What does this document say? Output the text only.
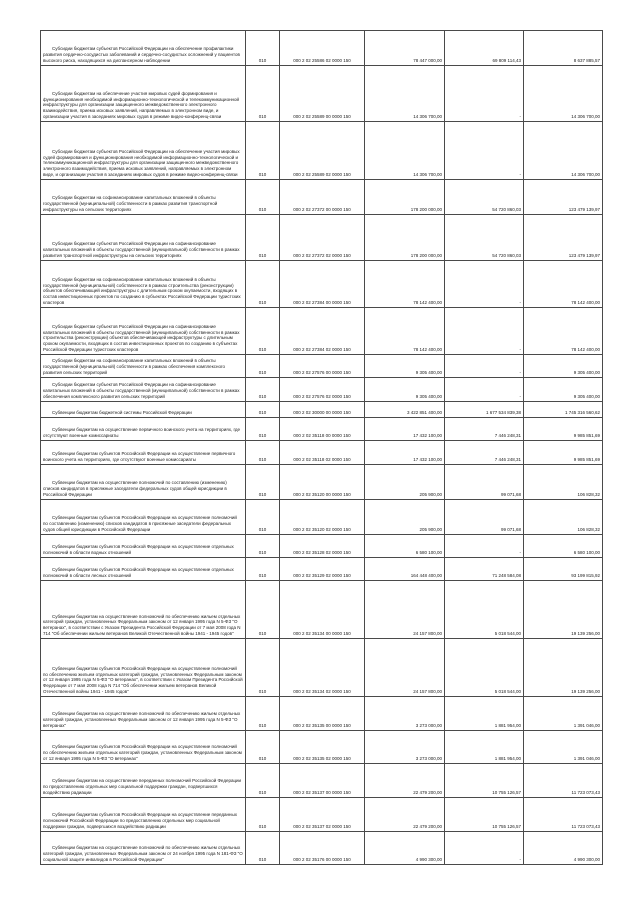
Субсидии бюджетам субъектов Российской Федерации на обеспечение профилактики развития сердечно-сосудистых заболеваний и сердечно-сосудистых осложнений у пациентов высокого риска, находящихся на диспансерном наблюдении	010	000 2 02 25586 02 0000 150	78 447 000,00	69 809 114,43	8 637 885,57
Субсидии бюджетам на обеспечение участия мировых судей формирования и функционирования необходимой информационно-технологической и телекоммуникационной инфраструктуры для организации защищенного межведомственного электронного взаимодействия, приема исковых заявлений, направляемых в электронном виде, и организации участия в заседаниях мировых судов в режиме видео-конференц-связи	010	000 2 02 25589 00 0000 150	14 306 700,00	-	14 306 700,00
Субсидии бюджетам субъектов Российской Федерации на обеспечение участия мировых судей формирования и функционирования необходимой информационно-технологической и телекоммуникационной инфраструктуры для организации защищенного межведомственного электронного взаимодействия, приема исковых заявлений, направляемых в электронном виде, и организации участия в заседаниях мировых судов в режиме видео-конференц-связи	010	000 2 02 25589 02 0000 150	14 306 700,00	-	14 306 700,00
Субсидии бюджетам на софинансирование капитальных вложений в объекты государственной (муниципальной) собственности в рамках развития транспортной инфраструктуры на сельских территориях	010	000 2 02 27372 00 0000 150	178 200 000,00	54 720 860,03	123 479 139,97
Субсидии бюджетам субъектов Российской Федерации на софинансирование капитальных вложений в объекты государственной (муниципальной) собственности в рамках развития транспортной инфраструктуры на сельских территориях	010	000 2 02 27372 02 0000 150	178 200 000,00	54 720 860,03	123 479 139,97
Субсидии бюджетам на софинансирование капитальных вложений в объекты государственной (муниципальной) собственности в рамках строительства (реконструкции) объектов обеспечивающей инфраструктуры с длительным сроком окупаемости, входящих в состав инвестиционных проектов по созданию в субъектах Российской Федерации туристских кластеров	010	000 2 02 27384 00 0000 150	78 142 400,00	-	78 142 400,00
Субсидии бюджетам субъектов Российской Федерации на софинансирование капитальных вложений в объекты государственной (муниципальной) собственности в рамках строительства (реконструкции) объектов обеспечивающей инфраструктуры с длительным сроком окупаемости, входящих в состав инвестиционных проектов по созданию в субъектах Российской Федерации туристских кластеров	010	000 2 02 27384 02 0000 150	78 142 400,00	-	78 142 400,00
Субсидии бюджетам на софинансирование капитальных вложений в объекты государственной (муниципальной) собственности в рамках обеспечения комплексного развития сельских территорий	010	000 2 02 27576 00 0000 150	9 305 400,00	-	9 305 400,00
Субсидии бюджетам субъектов Российской Федерации на софинансирование капитальных вложений в объекты государственной (муниципальной) собственности в рамках обеспечения комплексного развития сельских территорий	010	000 2 02 27576 02 0000 150	9 305 400,00	-	9 305 400,00
Субвенции бюджетам бюджетной системы Российской Федерации	010	000 2 02 30000 00 0000 150	3 422 851 400,00	1 677 534 839,38	1 745 316 560,62
Субвенции бюджетам на осуществление первичного воинского учета на территориях, где отсутствуют военные комиссариаты	010	000 2 02 35118 00 0000 150	17 432 100,00	7 446 248,31	9 985 851,69
Субвенции бюджетам субъектов Российской Федерации на осуществление первичного воинского учета на территориях, где отсутствуют военные комиссариаты	010	000 2 02 35118 02 0000 150	17 432 100,00	7 446 248,31	9 985 851,69
Субвенции бюджетам на осуществление полномочий по составлению (изменению) списков кандидатов в присяжные заседатели федеральных судов общей юрисдикции в Российской Федерации	010	000 2 02 35120 00 0000 150	205 900,00	99 071,68	106 828,32
Субвенции бюджетам субъектов Российской Федерации на осуществление полномочий по составлению (изменению) списков кандидатов в присяжные заседатели федеральных судов общей юрисдикции в Российской Федерации	010	000 2 02 35120 02 0000 150	205 900,00	99 071,68	106 828,32
Субвенции бюджетам субъектов Российской Федерации на осуществление отдельных полномочий в области водных отношений	010	000 2 02 35128 02 0000 150	6 580 100,00	-	6 580 100,00
Субвенции бюджетам субъектов Российской Федерации на осуществление отдельных полномочий в области лесных отношений	010	000 2 02 35129 02 0000 150	164 448 400,00	71 248 584,08	93 199 815,92
Субвенции бюджетам на осуществление полномочий по обеспечению жильем отдельных категорий граждан, установленных Федеральным законом от 12 января 1995 года N 5-ФЗ "О ветеранах", в соответствии с Указом Президента Российской Федерации от 7 мая 2008 года N 714 "Об обеспечении жильем ветеранов Великой Отечественной войны 1941 - 1945 годов"	010	000 2 02 35134 00 0000 150	24 157 800,00	5 018 544,00	19 139 256,00
Субвенции бюджетам субъектов Российской Федерации на осуществление полномочий по обеспечению жильем отдельных категорий граждан, установленных Федеральным законом от 12 января 1995 года N 5-ФЗ "О ветеранах", в соответствии с Указом Президента Российской Федерации от 7 мая 2008 года N 714 "Об обеспечении жильем ветеранов Великой Отечественной войны 1941 - 1945 годов"	010	000 2 02 35134 02 0000 150	24 157 800,00	5 018 544,00	19 139 256,00
Субвенции бюджетам на осуществление полномочий по обеспечению жильем отдельных категорий граждан, установленных Федеральным законом от 12 января 1995 года N 5-ФЗ "О ветеранах"	010	000 2 02 35135 00 0000 150	3 273 000,00	1 881 954,00	1 391 046,00
Субвенции бюджетам субъектов Российской Федерации на осуществление полномочий по обеспечению жильем отдельных категорий граждан, установленных Федеральным законом от 12 января 1995 года N 5-ФЗ "О ветеранах"	010	000 2 02 35135 02 0000 150	3 273 000,00	1 881 954,00	1 391 046,00
Субвенции бюджетам на осуществление переданных полномочий Российской Федерации по предоставлению отдельных мер социальной поддержки граждан, подвергшихся воздействию радиации	010	000 2 02 35137 00 0000 150	22 479 200,00	10 755 126,57	11 723 073,43
Субвенции бюджетам субъектов Российской Федерации на осуществление переданных полномочий Российской Федерации по предоставлению отдельных мер социальной поддержки граждан, подвергшихся воздействию радиации	010	000 2 02 35137 02 0000 150	22 479 200,00	10 755 126,57	11 723 073,43
Субвенции бюджетам на осуществление полномочий по обеспечению жильем отдельных категорий граждан, установленных Федеральным законом от 24 ноября 1995 года N 181-ФЗ "О социальной защите инвалидов в Российской Федерации"	010	000 2 02 35176 00 0000 150	4 990 300,00	-	4 990 300,00
